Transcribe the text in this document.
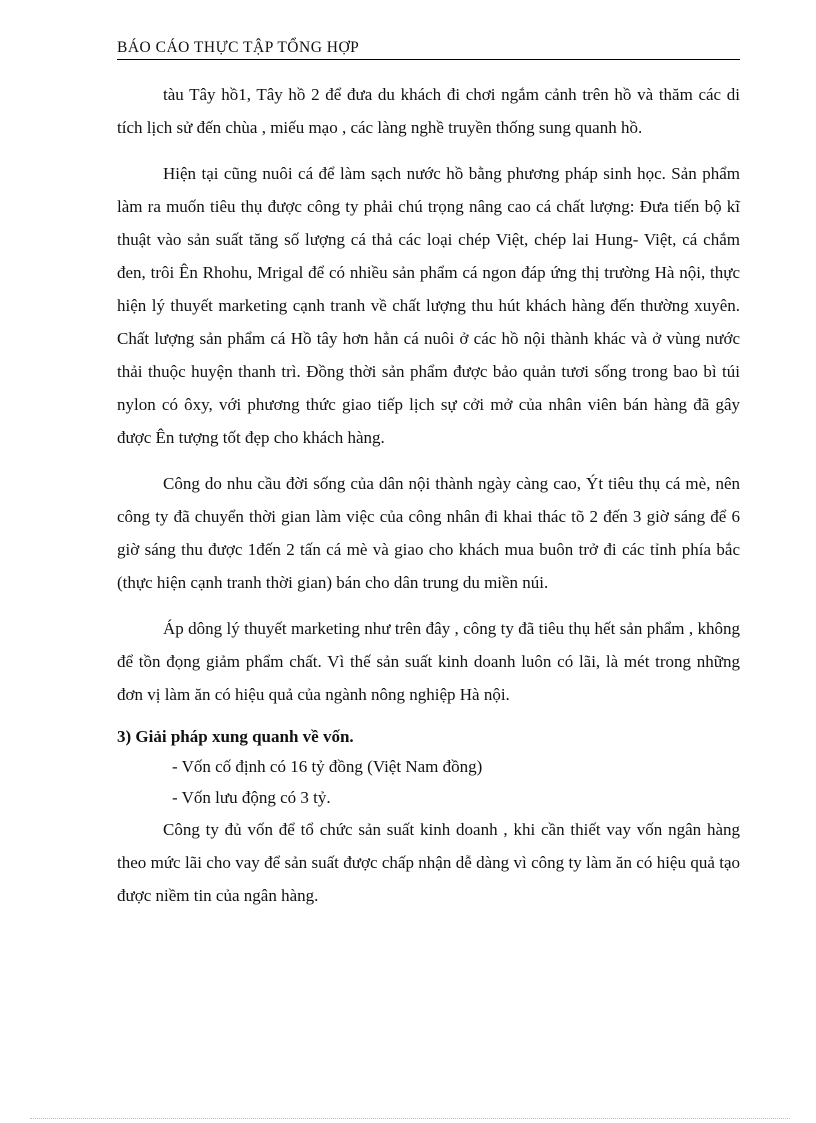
BÁO CÁO THỰC TẬP TỔNG HỢP

tàu Tây hồ1, Tây hồ 2 để đưa du khách đi chơi ngắm cảnh trên hồ và thăm các di tích lịch sử đến chùa , miếu mạo , các làng nghề truyền thống sung quanh hồ.

Hiện tại cũng nuôi cá để làm sạch nước hồ bằng phương pháp sinh học. Sản phẩm làm ra muốn tiêu thụ được công ty phải chú trọng nâng cao cá chất lượng: Đưa tiến bộ kĩ thuật vào sản suất tăng số lượng cá thả các loại chép Việt, chép lai Hung- Việt, cá chắm đen, trôi Ên Rhohu, Mrigal để có nhiều sản phẩm cá ngon đáp ứng thị trường Hà nội, thực hiện lý thuyết marketing cạnh tranh về chất lượng thu hút khách hàng đến thường xuyên. Chất lượng sản phẩm cá Hồ tây hơn hẳn cá nuôi ở các hồ nội thành khác và ở vùng nước thải thuộc huyện thanh trì. Đồng thời sản phẩm được bảo quản tươi sống trong bao bì túi nylon có ôxy, với phương thức giao tiếp lịch sự cởi mở của nhân viên bán hàng đã gây được Ên tượng tốt đẹp cho khách hàng.

Công do nhu cầu đời sống của dân nội thành ngày càng cao, Ýt tiêu thụ cá mè, nên công ty đã chuyển thời gian làm việc của công nhân đi khai thác tõ 2 đến 3 giờ sáng để 6 giờ sáng thu được 1đến 2 tấn cá mè và giao cho khách mua buôn trở đi các tỉnh phía bắc (thực hiện cạnh tranh thời gian) bán cho dân trung du miền núi.

Áp dông lý thuyết marketing như trên đây , công ty đã tiêu thụ hết sản phẩm , không để tồn đọng giảm phẩm chất. Vì thế sản suất kinh doanh luôn có lãi, là mét trong những đơn vị làm ăn có hiệu quả của ngành nông nghiệp Hà nội.

3) Giải pháp xung quanh về vốn.

- Vốn cố định có 16 tỷ đồng (Việt Nam đồng)

- Vốn lưu động có 3 tỷ.

Công ty đủ vốn để tổ chức sản suất kinh doanh , khi cần thiết vay vốn ngân hàng theo mức lãi cho vay để sản suất được chấp nhận dễ dàng vì công ty làm ăn có hiệu quả tạo được niềm tin của ngân hàng.
